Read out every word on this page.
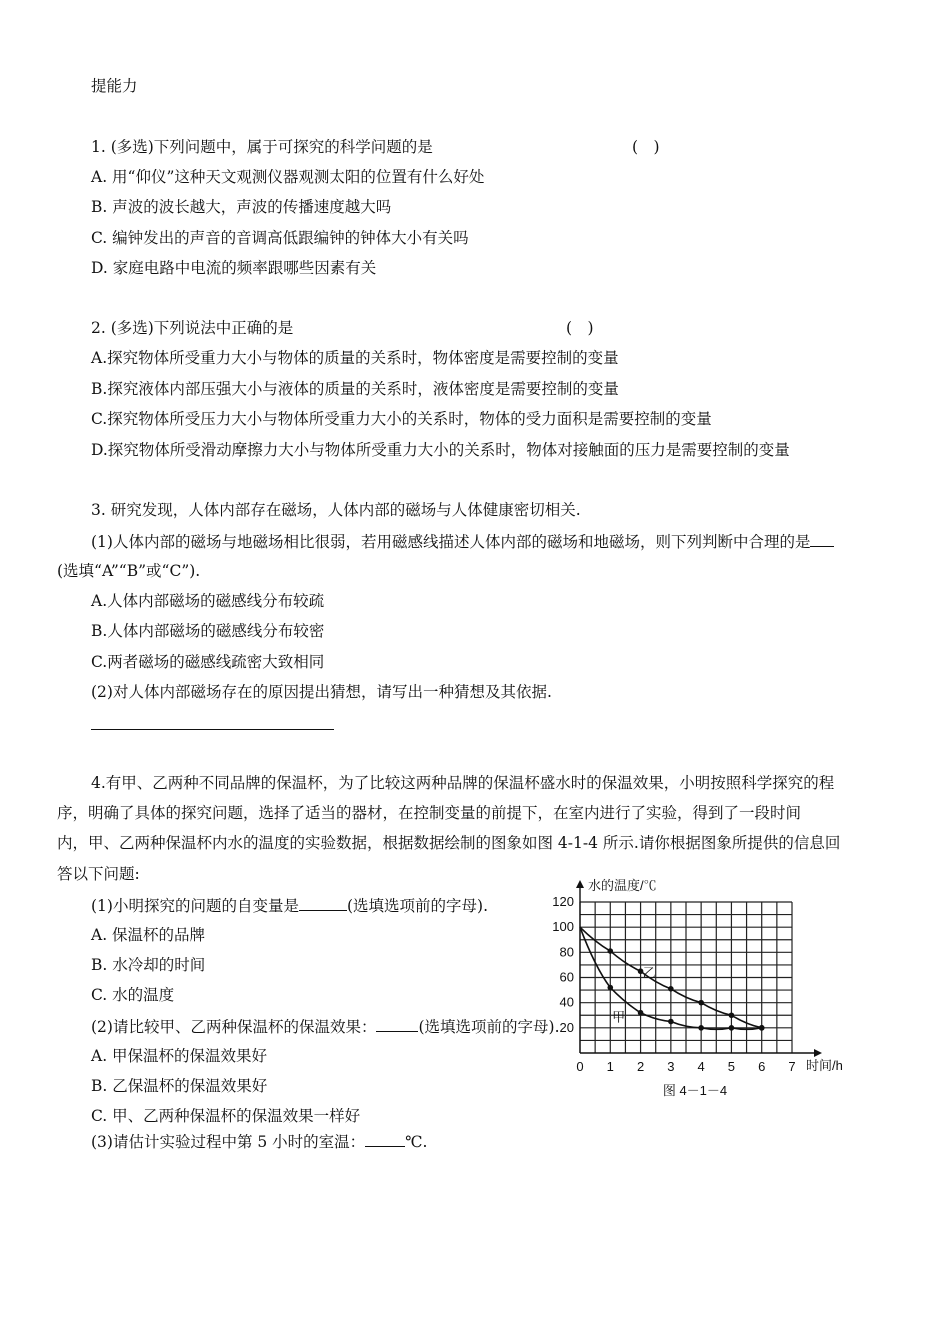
提能力
1. (多选)下列问题中，属于可探究的科学问题的是	(　)
A. 用“仰仪”这种天文观测仪器观测太阳的位置有什么好处
B. 声波的波长越大，声波的传播速度越大吗
C. 编钟发出的声音的音调高低跟编钟的钟体大小有关吗
D. 家庭电路中电流的频率跟哪些因素有关
2. (多选)下列说法中正确的是	(　)
A.探究物体所受重力大小与物体的质量的关系时，物体密度是需要控制的变量
B.探究液体内部压强大小与液体的质量的关系时，液体密度是需要控制的变量
C.探究物体所受压力大小与物体所受重力大小的关系时，物体的受力面积是需要控制的变量
D.探究物体所受滑动摩擦力大小与物体所受重力大小的关系时，物体对接触面的压力是需要控制的变量
3. 研究发现，人体内部存在磁场，人体内部的磁场与人体健康密切相关.
(1)人体内部的磁场与地磁场相比很弱，若用磁感线描述人体内部的磁场和地磁场，则下列判断中合理的是
(选填“A”“B”或“C”).
A.人体内部磁场的磁感线分布较疏
B.人体内部磁场的磁感线分布较密
C.两者磁场的磁感线疏密大致相同
(2)对人体内部磁场存在的原因提出猜想，请写出一种猜想及其依据.
4.有甲、乙两种不同品牌的保温杯，为了比较这两种品牌的保温杯盛水时的保温效果，小明按照科学探究的程
序，明确了具体的探究问题，选择了适当的器材，在控制变量的前提下，在室内进行了实验，得到了一段时间
内，甲、乙两种保温杯内水的温度的实验数据，根据数据绘制的图象如图 4-1-4 所示.请你根据图象所提供的信息回
答以下问题:
(1)小明探究的问题的自变量是	(选填选项前的字母).
A. 保温杯的品牌
B. 水冷却的时间
C. 水的温度
(2)请比较甲、乙两种保温杯的保温效果：	(选填选项前的字母).
A. 甲保温杯的保温效果好
B. 乙保温杯的保温效果好
C. 甲、乙两种保温杯的保温效果一样好
(3)请估计实验过程中第 5 小时的室温：	℃.
0 1 2 3 4 5 6 7
20
40
60
80
100
120
水的温度/℃
时间/h
图 4－1－4
甲
乙
